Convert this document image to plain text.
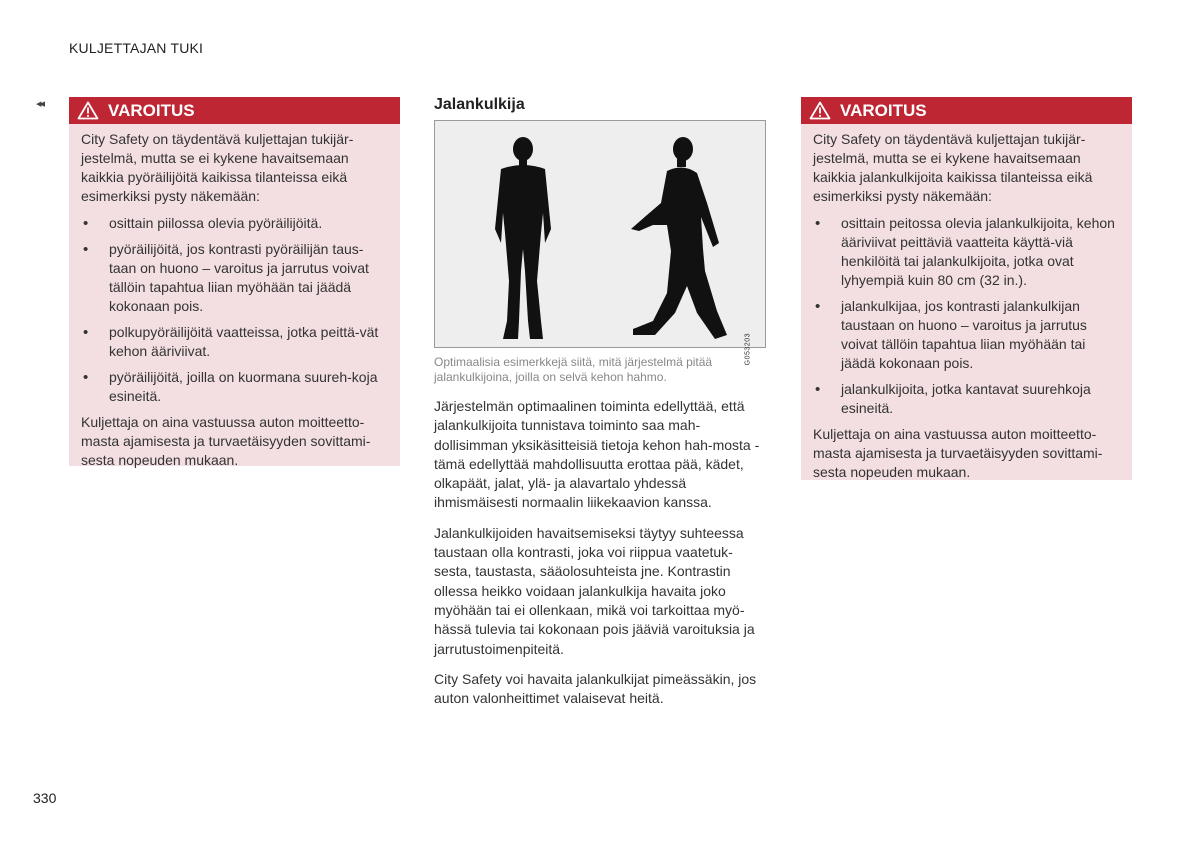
KULJETTAJAN TUKI
◂◂	VAROITUS

City Safety on täydentävä kuljettajan tukijär-jestelmä, mutta se ei kykene havaitsemaan kaikkia pyöräilijöitä kaikissa tilanteissa eikä esimerkiksi pysty näkemään:

• osittain piilossa olevia pyöräilijöitä.
• pyöräilijöitä, jos kontrasti pyöräilijän taus-taan on huono – varoitus ja jarrutus voivat tällöin tapahtua liian myöhään tai jäädä kokonaan pois.
• polkupyöräilijöitä vaatteissa, jotka peittä-vät kehon ääriviivat.
• pyöräilijöitä, joilla on kuormana suureh-koja esineitä.

Kuljettaja on aina vastuussa auton moitteetto-masta ajamisesta ja turvaetäisyyden sovittami-sesta nopeuden mukaan.

Jalankulkija
G053203
Optimaalisia esimerkkejä siitä, mitä järjestelmä pitää jalankulkijoina, joilla on selvä kehon hahmo.

Järjestelmän optimaalinen toiminta edellyttää, että jalankulkijoita tunnistava toiminto saa mah-dollisimman yksikäsitteisiä tietoja kehon hah-mosta - tämä edellyttää mahdollisuutta erottaa pää, kädet, olkapäät, jalat, ylä- ja alavartalo yhdessä ihmismäisesti normaalin liikekaavion kanssa.

Jalankulkijoiden havaitsemiseksi täytyy suhteessa taustaan olla kontrasti, joka voi riippua vaatetuk-sesta, taustasta, sääolosuhteista jne. Kontrastin ollessa heikko voidaan jalankulkija havaita joko myöhään tai ei ollenkaan, mikä voi tarkoittaa myö-hässä tulevia tai kokonaan pois jääviä varoituksia ja jarrutustoimenpiteitä.

City Safety voi havaita jalankulkijat pimeässäkin, jos auton valonheittimet valaisevat heitä.

VAROITUS

City Safety on täydentävä kuljettajan tukijär-jestelmä, mutta se ei kykene havaitsemaan kaikkia jalankulkijoita kaikissa tilanteissa eikä esimerkiksi pysty näkemään:

• osittain peitossa olevia jalankulkijoita, kehon ääriviivat peittäviä vaatteita käyttä-viä henkilöitä tai jalankulkijoita, jotka ovat lyhyempiä kuin 80 cm (32 in.).
• jalankulkijaa, jos kontrasti jalankulkijan taustaan on huono – varoitus ja jarrutus voivat tällöin tapahtua liian myöhään tai jäädä kokonaan pois.
• jalankulkijoita, jotka kantavat suurehkoja esineitä.

Kuljettaja on aina vastuussa auton moitteetto-masta ajamisesta ja turvaetäisyyden sovittami-sesta nopeuden mukaan.

330
